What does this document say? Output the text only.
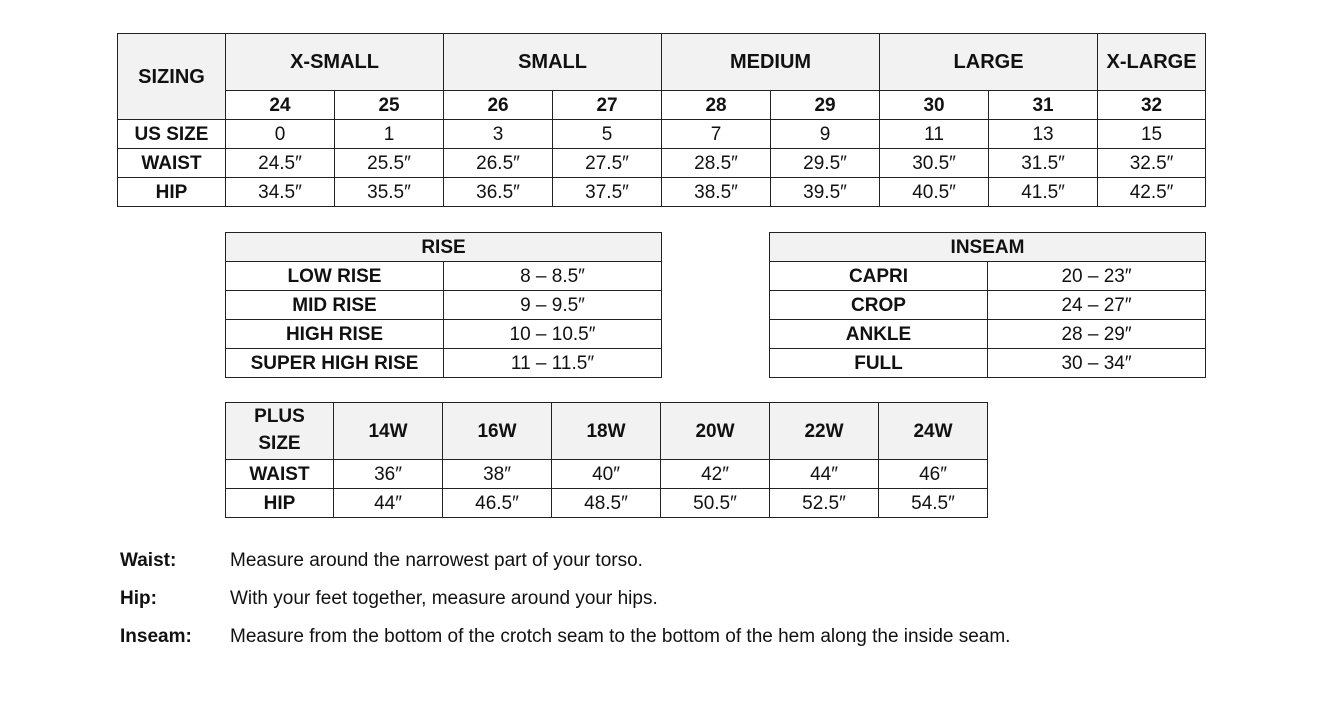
SIZING	X-SMALL		SMALL		MEDIUM		LARGE		X-LARGE
	24	25	26	27	28	29	30	31	32
US SIZE	0	1	3	5	7	9	11	13	15
WAIST	24.5″	25.5″	26.5″	27.5″	28.5″	29.5″	30.5″	31.5″	32.5″
HIP	34.5″	35.5″	36.5″	37.5″	38.5″	39.5″	40.5″	41.5″	42.5″
RISE	
LOW RISE	8 – 8.5″
MID RISE	9 – 9.5″
HIGH RISE	10 – 10.5″
SUPER HIGH RISE	11 – 11.5″
INSEAM	
CAPRI	20 – 23″
CROP	24 – 27″
ANKLE	28 – 29″
FULL	30 – 34″
PLUS
SIZE	14W	16W	18W	20W	22W	24W
WAIST	36″	38″	40″	42″	44″	46″
HIP	44″	46.5″	48.5″	50.5″	52.5″	54.5″
Waist:	Measure around the narrowest part of your torso.
Hip:	With your feet together, measure around your hips.
Inseam:	Measure from the bottom of the crotch seam to the bottom of the hem along the inside seam.
